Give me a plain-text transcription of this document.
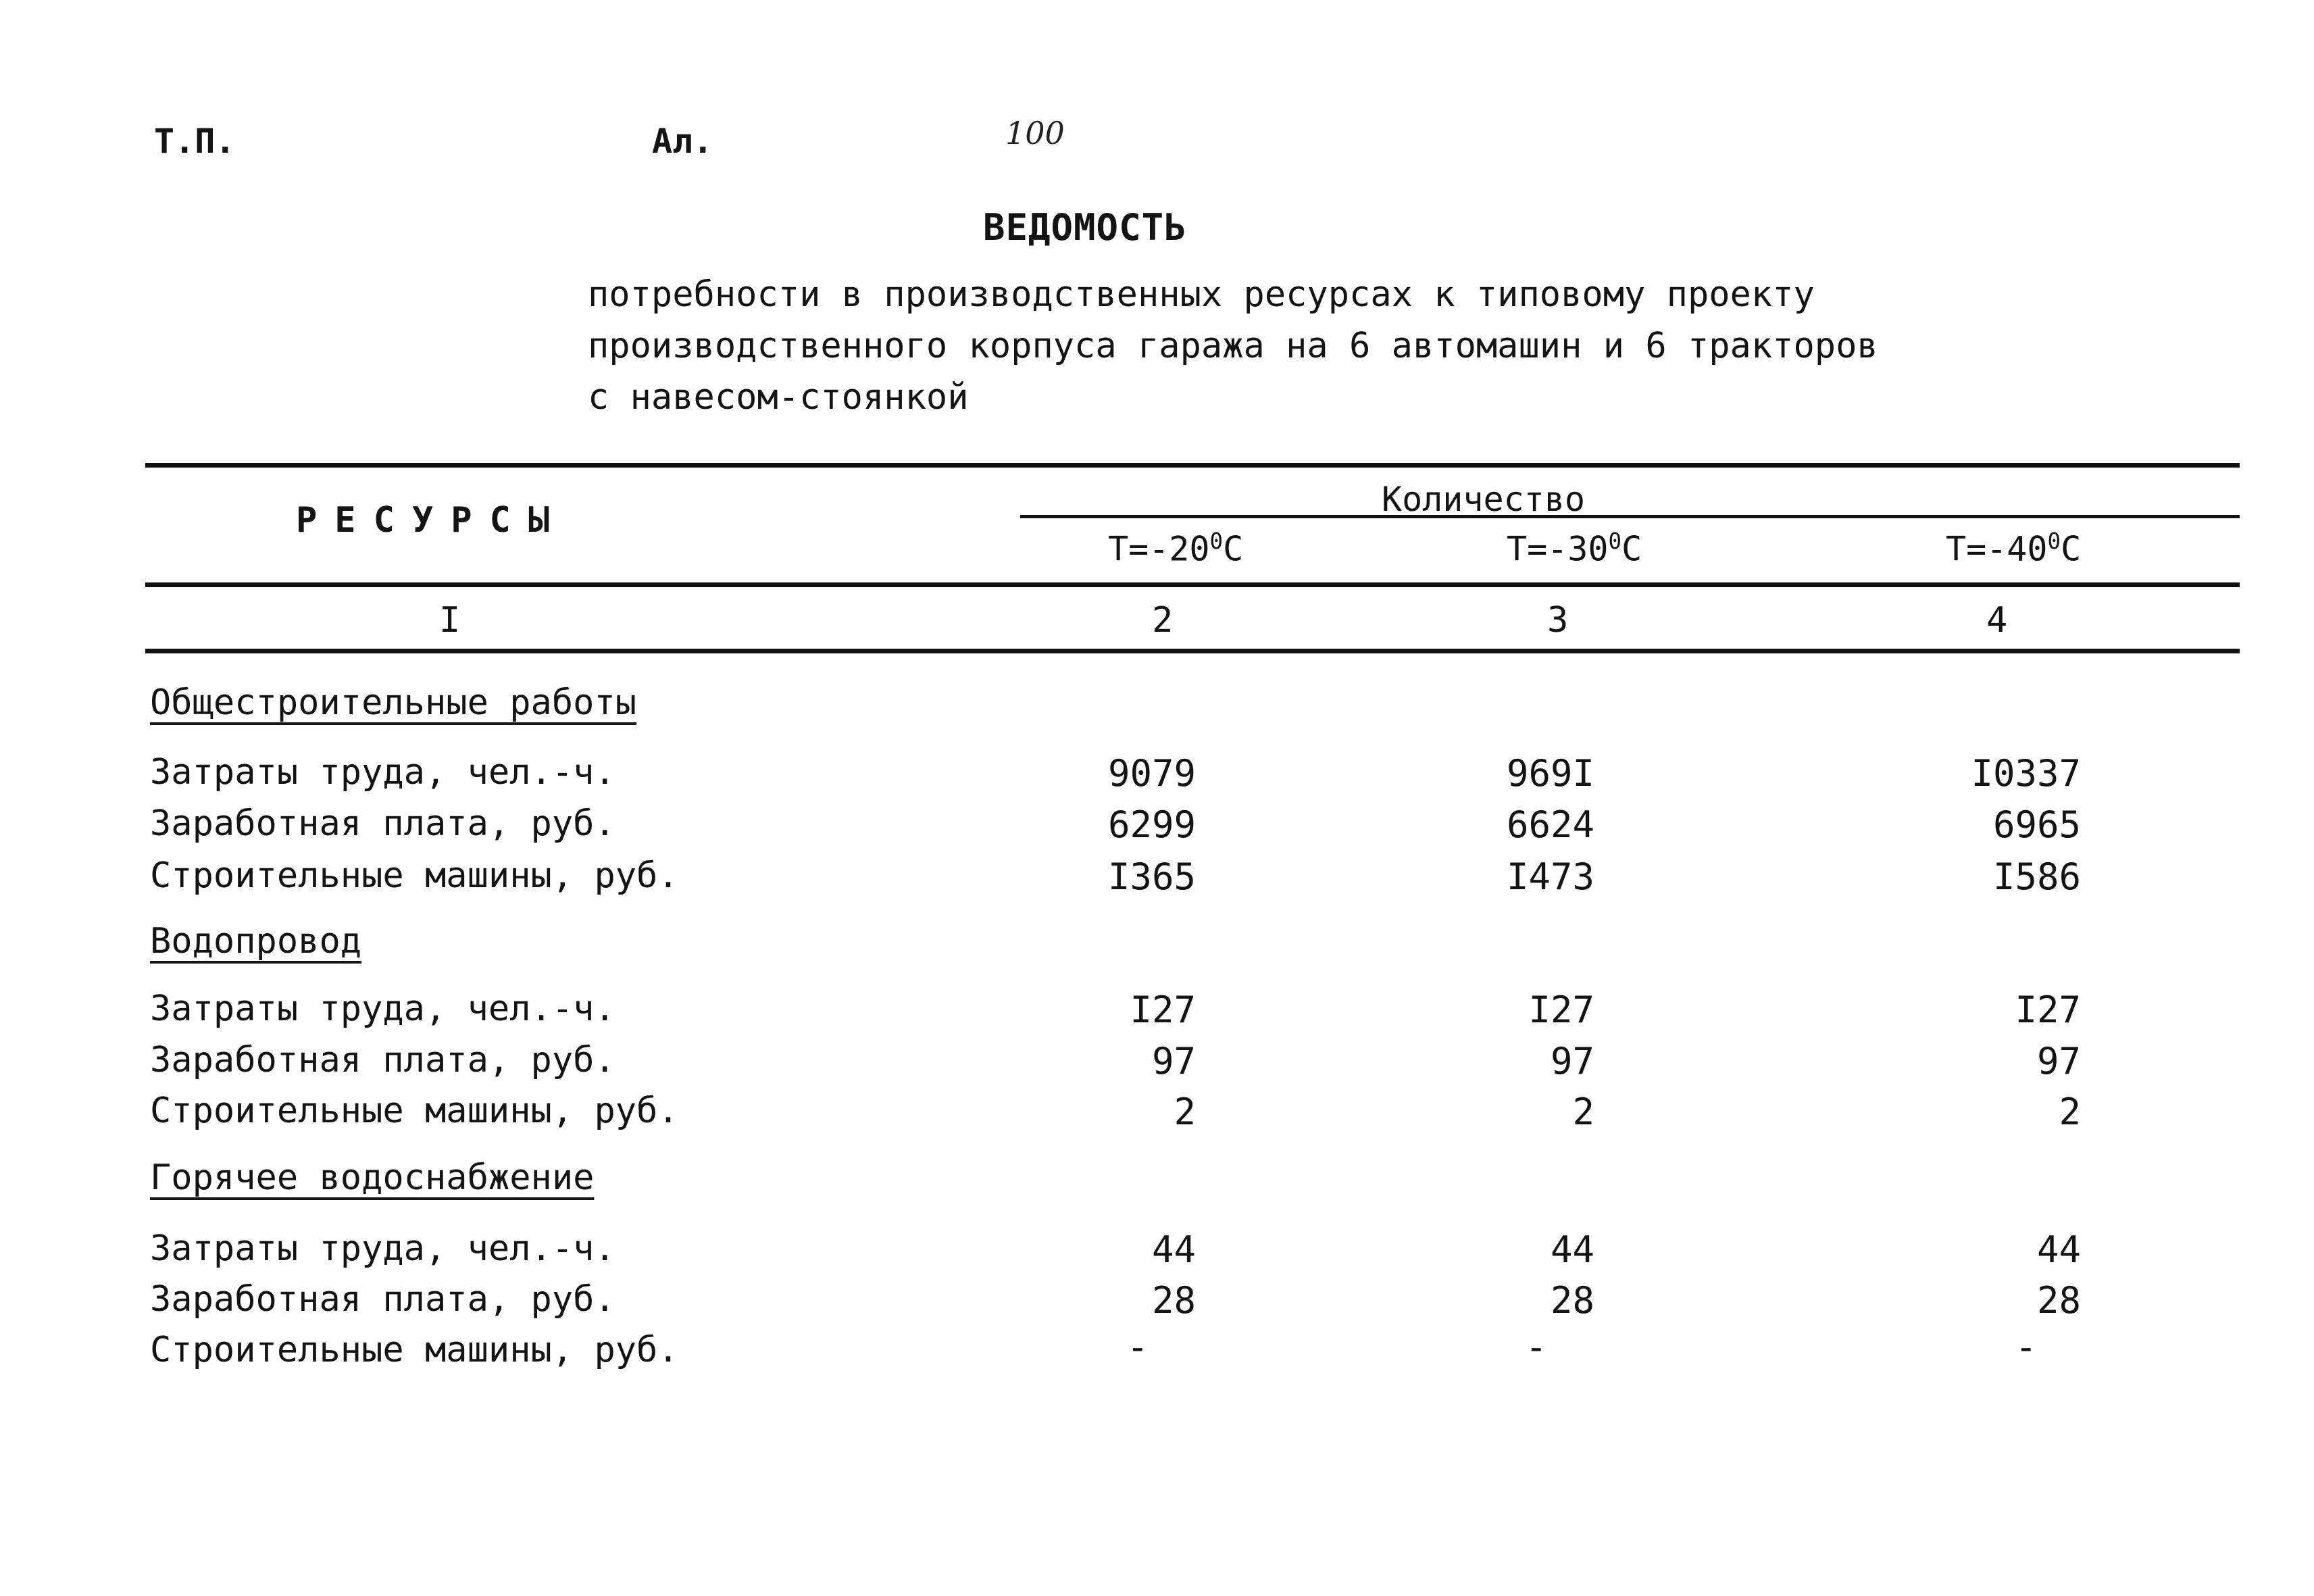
Т.П.	Ал.	100
ВЕДОМОСТЬ
потребности в производственных ресурсах к типовому проекту
производственного корпуса гаража на 6 автомашин и 6 тракторов
с навесом-стоянкой
РЕСУРСЫ
Количество
$Т=-20^0С$	$Т=-30^0С$	$Т=-40^0С$
I	2	3	4
Общестроительные работы
Затраты труда, чел.-ч.	9079	969I	I0337
Заработная плата, руб.	6299	6624	6965
Строительные машины, руб.	I365	I473	I586
Водопровод
Затраты труда, чел.-ч.	I27	I27	I27
Заработная плата, руб.	97	97	97
Строительные машины, руб.	2	2	2
Горячее водоснабжение
Затраты труда, чел.-ч.	44	44	44
Заработная плата, руб.	28	28	28
Строительные машины, руб.	-	-	-
